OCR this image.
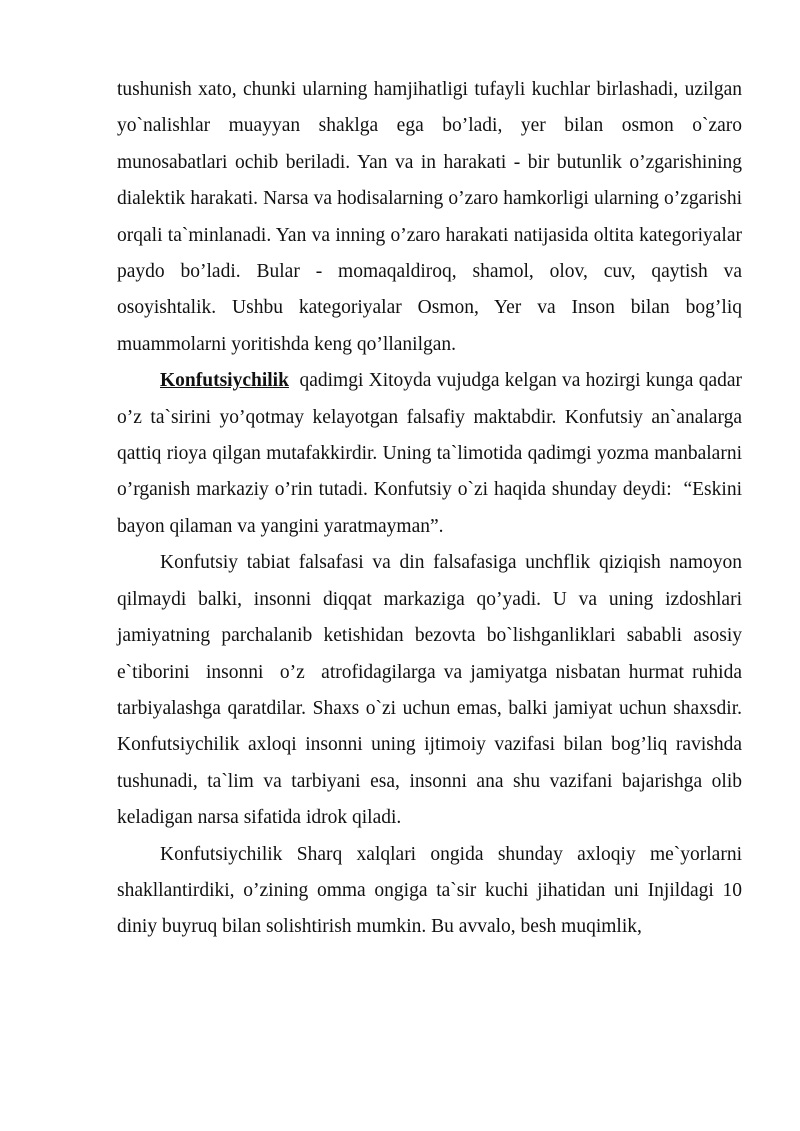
tushunish xato, chunki ularning hamjihatligi tufayli kuchlar birlashadi, uzilgan yo`nalishlar muayyan shaklga ega bo’ladi, yer bilan osmon o`zaro munosabatlari ochib beriladi. Yan va in harakati - bir butunlik o’zgarishining dialektik harakati. Narsa va hodisalarning o’zaro hamkorligi ularning o’zgarishi orqali ta`minlanadi. Yan va inning o’zaro harakati natijasida oltita kategoriyalar paydo bo’ladi. Bular - momaqaldiroq, shamol, olov, cuv, qaytish va osoyishtalik. Ushbu kategoriyalar Osmon, Yer va Inson bilan bog’liq muammolarni yoritishda keng qo’llanilgan.

Konfutsiychilik  qadimgi Xitoyda vujudga kelgan va hozirgi kunga qadar o’z ta`sirini yo’qotmay kelayotgan falsafiy maktabdir. Konfutsiy an`analarga qattiq rioya qilgan mutafakkirdir. Uning ta`limotida qadimgi yozma manbalarni o’rganish markaziy o’rin tutadi. Konfutsiy o`zi haqida shunday deydi:  “Eskini bayon qilaman va yangini yaratmayman”.

Konfutsiy tabiat falsafasi va din falsafasiga unchflik qiziqish namoyon qilmaydi balki, insonni diqqat markaziga qo’yadi. U va uning izdoshlari jamiyatning parchalanib ketishidan bezovta bo`lishganliklari sababli asosiy  e`tiborini  insonni  o’z  atrofidagilarga va jamiyatga nisbatan hurmat ruhida tarbiyalashga qaratdilar. Shaxs o`zi uchun emas, balki jamiyat uchun shaxsdir. Konfutsiychilik axloqi insonni uning ijtimoiy vazifasi bilan bog’liq ravishda tushunadi, ta`lim va tarbiyani esa, insonni ana shu vazifani bajarishga olib keladigan narsa sifatida idrok qiladi.

Konfutsiychilik Sharq xalqlari ongida shunday axloqiy me`yorlarni shakllantirdiki, o’zining omma ongiga ta`sir kuchi jihatidan uni Injildagi 10 diniy buyruq bilan solishtirish mumkin. Bu avvalo, besh muqimlik,
